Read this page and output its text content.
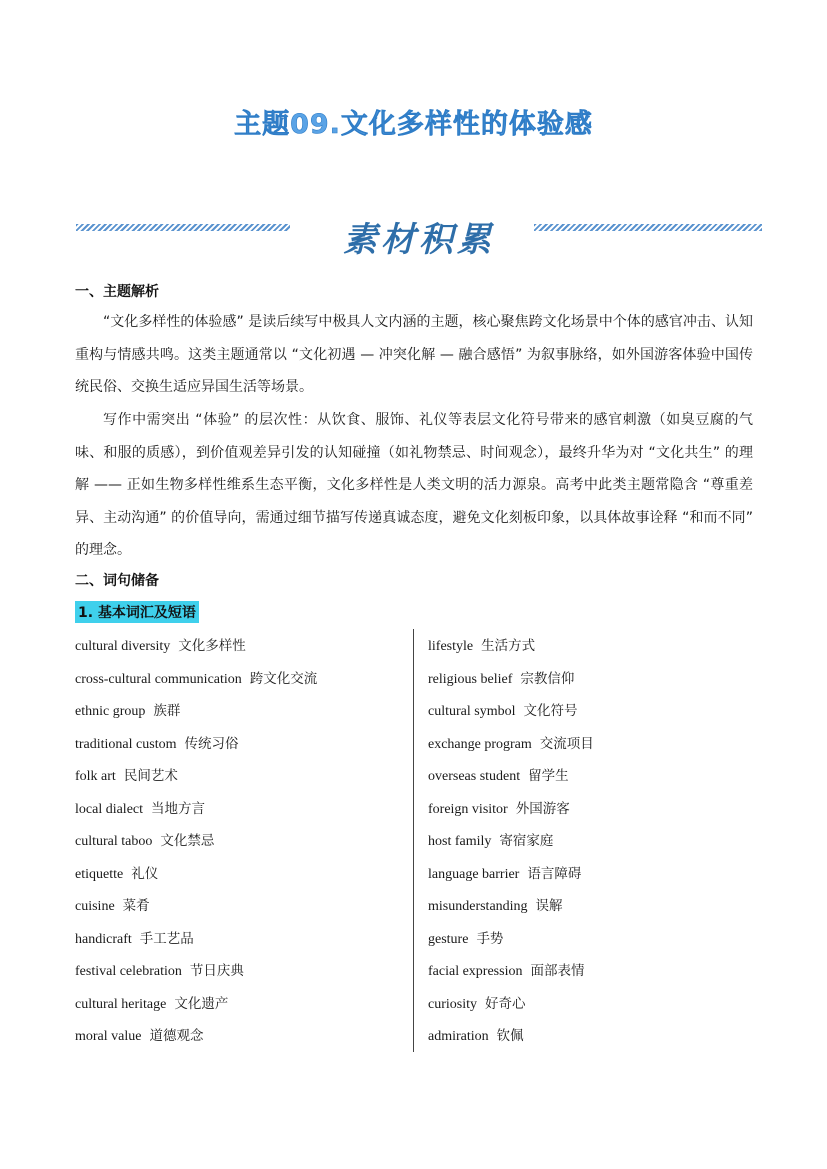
主题09.文化多样性的体验感
素材积累
一、主题解析
“文化多样性的体验感” 是读后续写中极具人文内涵的主题，核心聚焦跨文化场景中个体的感官冲击、认知重构与情感共鸣。这类主题通常以 “文化初遇 — 冲突化解 — 融合感悟” 为叙事脉络，如外国游客体验中国传统民俗、交换生适应异国生活等场景。
写作中需突出 “体验” 的层次性：从饮食、服饰、礼仪等表层文化符号带来的感官刺激（如臭豆腐的气味、和服的质感），到价值观差异引发的认知碰撞（如礼物禁忌、时间观念），最终升华为对 “文化共生” 的理解 —— 正如生物多样性维系生态平衡，文化多样性是人类文明的活力源泉。高考中此类主题常隐含 “尊重差异、主动沟通” 的价值导向，需通过细节描写传递真诚态度，避免文化刻板印象，以具体故事诠释 “和而不同” 的理念。
二、词句储备
1. 基本词汇及短语
cultural diversity 文化多样性
cross-cultural communication 跨文化交流
ethnic group 族群
traditional custom 传统习俗
folk art 民间艺术
local dialect 当地方言
cultural taboo 文化禁忌
etiquette 礼仪
cuisine 菜肴
handicraft 手工艺品
festival celebration 节日庆典
cultural heritage 文化遗产
moral value 道德观念
lifestyle 生活方式
religious belief 宗教信仰
cultural symbol 文化符号
exchange program 交流项目
overseas student 留学生
foreign visitor 外国游客
host family 寄宿家庭
language barrier 语言障碍
misunderstanding 误解
gesture 手势
facial expression 面部表情
curiosity 好奇心
admiration 钦佩
